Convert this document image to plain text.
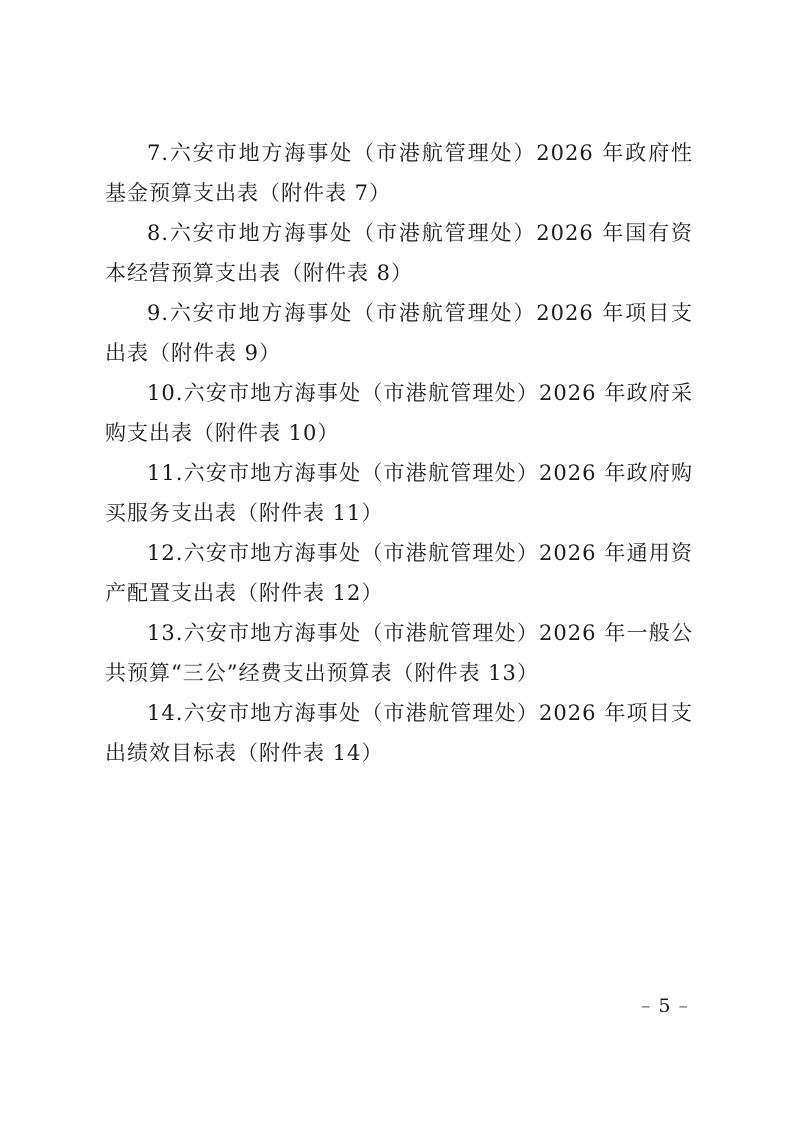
7.六安市地方海事处（市港航管理处）2026 年政府性基金预算支出表（附件表 7）

8.六安市地方海事处（市港航管理处）2026 年国有资本经营预算支出表（附件表 8）

9.六安市地方海事处（市港航管理处）2026 年项目支出表（附件表 9）

10.六安市地方海事处（市港航管理处）2026 年政府采购支出表（附件表 10）

11.六安市地方海事处（市港航管理处）2026 年政府购买服务支出表（附件表 11）

12.六安市地方海事处（市港航管理处）2026 年通用资产配置支出表（附件表 12）

13.六安市地方海事处（市港航管理处）2026 年一般公共预算“三公”经费支出预算表（附件表 13）

14.六安市地方海事处（市港航管理处）2026 年项目支出绩效目标表（附件表 14）

– 5 –
